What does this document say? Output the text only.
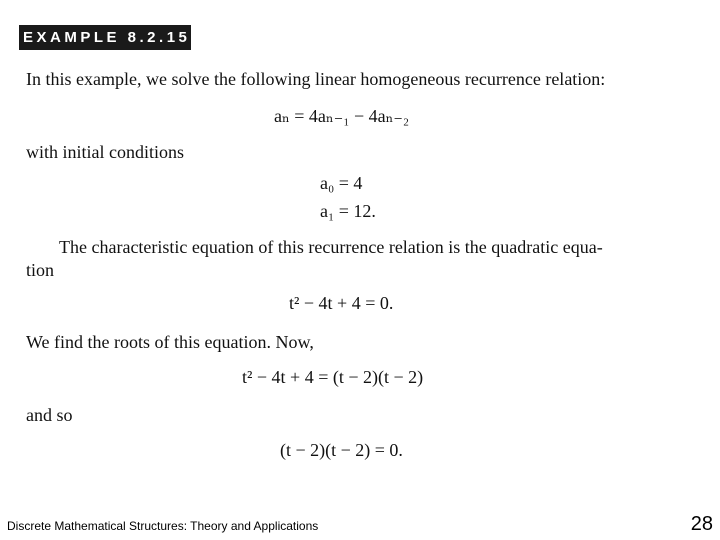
EXAMPLE 8.2.15
In this example, we solve the following linear homogeneous recurrence relation:
aₙ = 4aₙ₋₁ − 4aₙ₋₂
with initial conditions
a₀ = 4
a₁ = 12.
The characteristic equation of this recurrence relation is the quadratic equa-
tion
t² − 4t + 4 = 0.
We find the roots of this equation. Now,
t² − 4t + 4 = (t − 2)(t − 2)
and so
(t − 2)(t − 2) = 0.
Discrete Mathematical Structures: Theory and Applications	28
